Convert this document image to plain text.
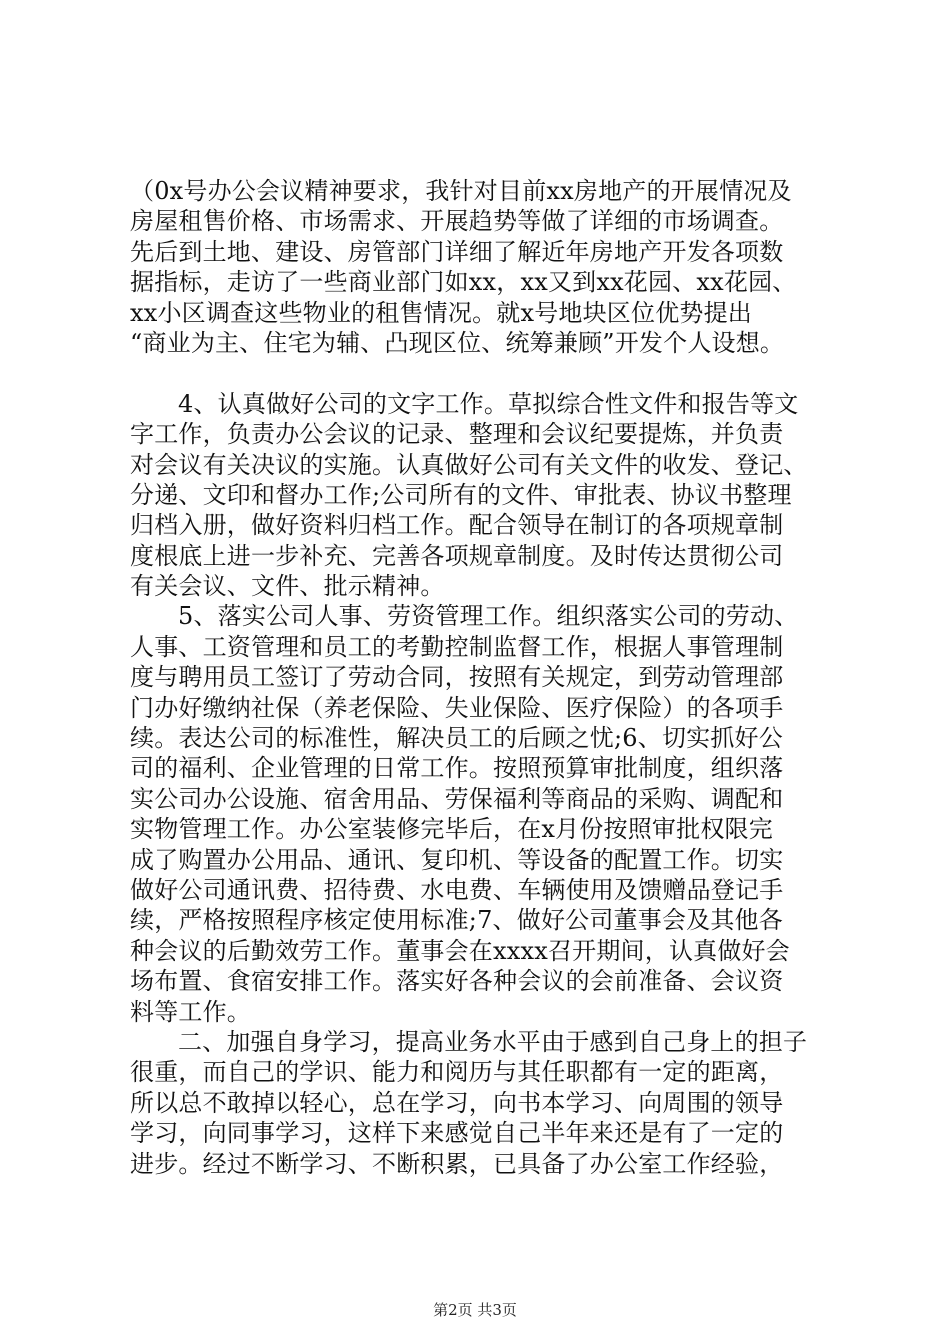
（0x号办公会议精神要求，我针对目前xx房地产的开展情况及
房屋租售价格、市场需求、开展趋势等做了详细的市场调查。
先后到土地、建设、房管部门详细了解近年房地产开发各项数
据指标，走访了一些商业部门如xx，xx又到xx花园、xx花园、
xx小区调查这些物业的租售情况。就x号地块区位优势提出
“商业为主、住宅为辅、凸现区位、统筹兼顾”开发个人设想。
4、认真做好公司的文字工作。草拟综合性文件和报告等文
字工作，负责办公会议的记录、整理和会议纪要提炼，并负责
对会议有关决议的实施。认真做好公司有关文件的收发、登记、
分递、文印和督办工作;公司所有的文件、审批表、协议书整理
归档入册，做好资料归档工作。配合领导在制订的各项规章制
度根底上进一步补充、完善各项规章制度。及时传达贯彻公司
有关会议、文件、批示精神。
5、落实公司人事、劳资管理工作。组织落实公司的劳动、
人事、工资管理和员工的考勤控制监督工作，根据人事管理制
度与聘用员工签订了劳动合同，按照有关规定，到劳动管理部
门办好缴纳社保（养老保险、失业保险、医疗保险）的各项手
续。表达公司的标准性，解决员工的后顾之忧;6、切实抓好公
司的福利、企业管理的日常工作。按照预算审批制度，组织落
实公司办公设施、宿舍用品、劳保福利等商品的采购、调配和
实物管理工作。办公室装修完毕后，在x月份按照审批权限完
成了购置办公用品、通讯、复印机、等设备的配置工作。切实
做好公司通讯费、招待费、水电费、车辆使用及馈赠品登记手
续，严格按照程序核定使用标准;7、做好公司董事会及其他各
种会议的后勤效劳工作。董事会在xxxx召开期间，认真做好会
场布置、食宿安排工作。落实好各种会议的会前准备、会议资
料等工作。
二、加强自身学习，提高业务水平由于感到自己身上的担子
很重，而自己的学识、能力和阅历与其任职都有一定的距离，
所以总不敢掉以轻心，总在学习，向书本学习、向周围的领导
学习，向同事学习，这样下来感觉自己半年来还是有了一定的
进步。经过不断学习、不断积累，已具备了办公室工作经验，
第2页 共3页
